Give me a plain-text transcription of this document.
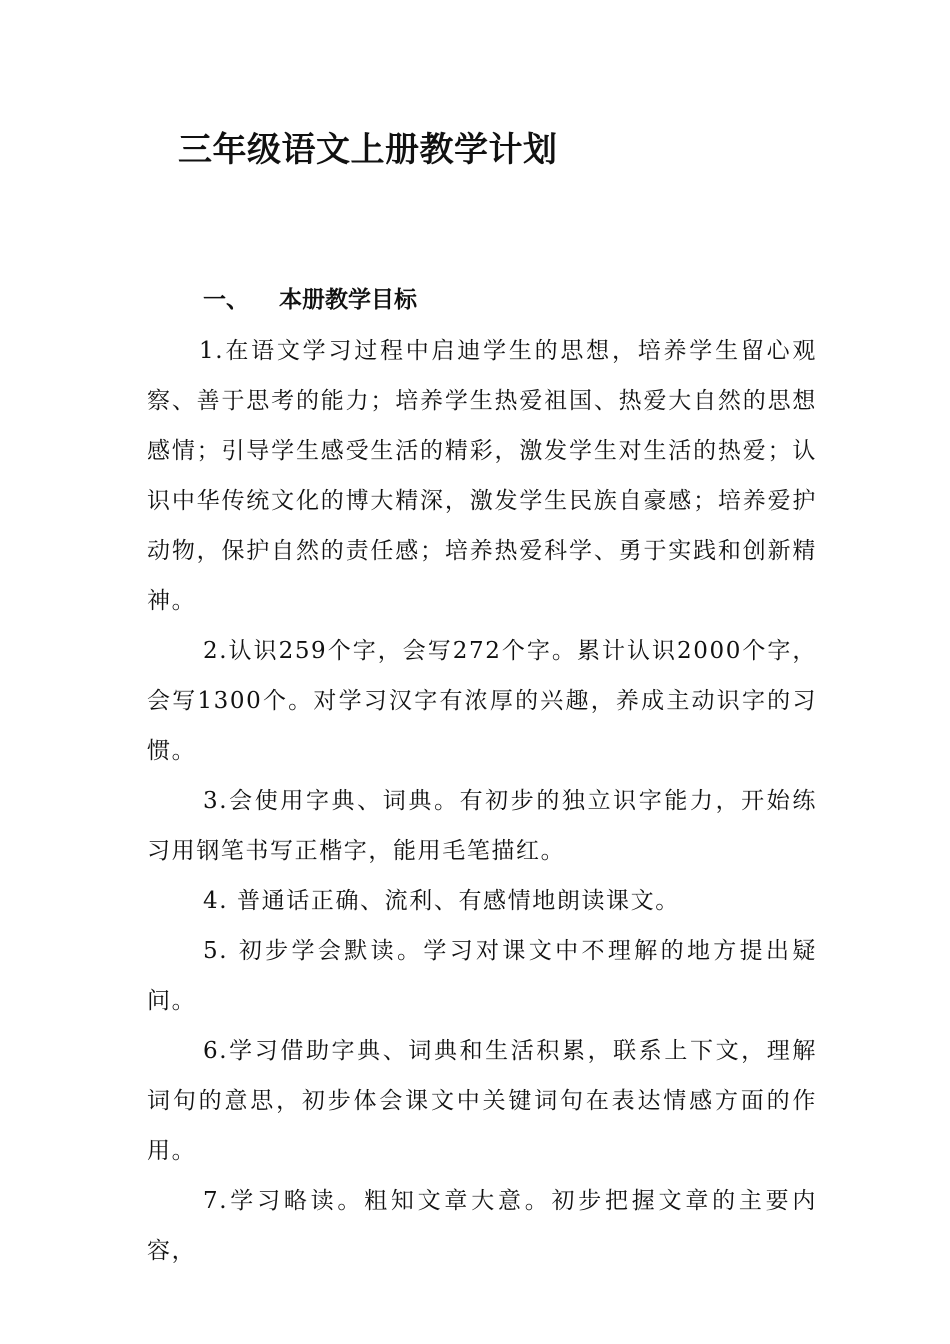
三年级语文上册教学计划
一、 本册教学目标

1.在语文学习过程中启迪学生的思想，培养学生留心观察、善于思考的能力；培养学生热爱祖国、热爱大自然的思想感情；引导学生感受生活的精彩，激发学生对生活的热爱；认识中华传统文化的博大精深，激发学生民族自豪感；培养爱护动物，保护自然的责任感；培养热爱科学、勇于实践和创新精神。

2.认识259个字，会写272个字。累计认识2000个字，会写1300个。对学习汉字有浓厚的兴趣，养成主动识字的习惯。

3.会使用字典、词典。有初步的独立识字能力，开始练习用钢笔书写正楷字，能用毛笔描红。

4. 普通话正确、流利、有感情地朗读课文。

5. 初步学会默读。学习对课文中不理解的地方提出疑问。

6.学习借助字典、词典和生活积累，联系上下文，理解词句的意思，初步体会课文中关键词句在表达情感方面的作用。

7.学习略读。粗知文章大意。初步把握文章的主要内容，
